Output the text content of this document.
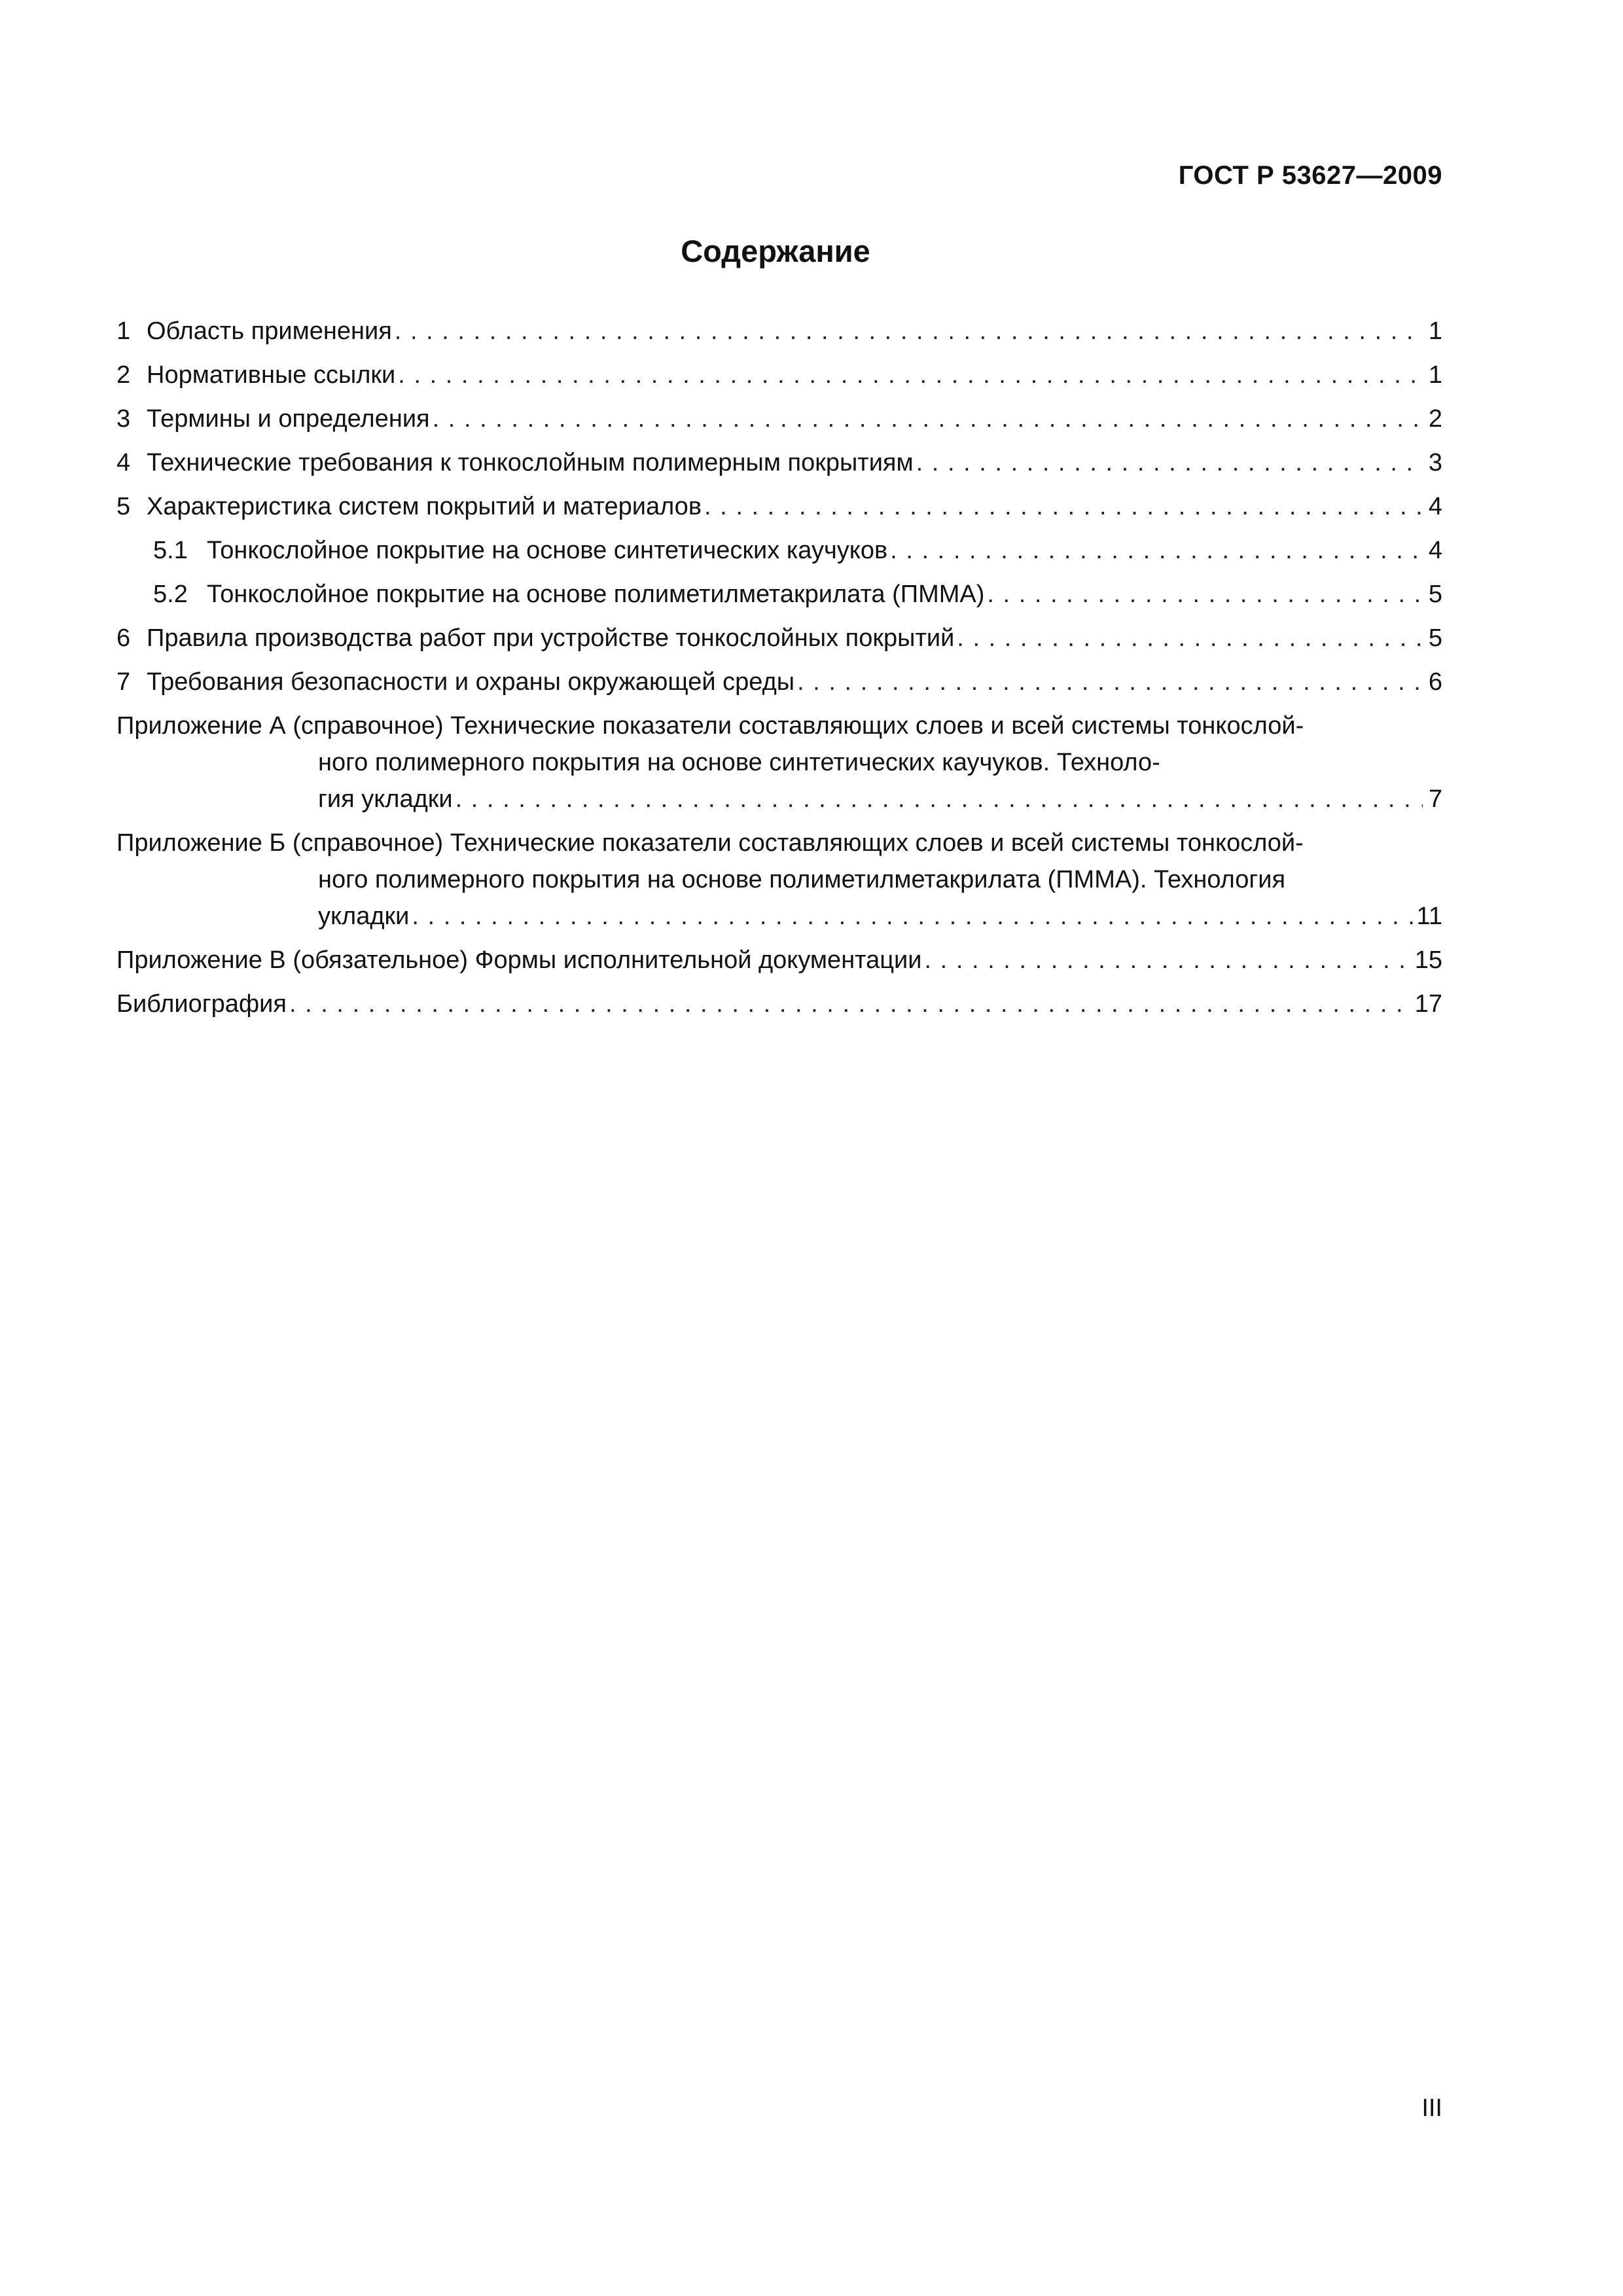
ГОСТ Р 53627—2009
Содержание
1 Область применения .....	1
2 Нормативные ссылки .....	1
3 Термины и определения .....	2
4 Технические требования к тонкослойным полимерным покрытиям .....	3
5 Характеристика систем покрытий и материалов .....	4
5.1 Тонкослойное покрытие на основе синтетических каучуков .....	4
5.2 Тонкослойное покрытие на основе полиметилметакрилата (ПММА) .....	5
6 Правила производства работ при устройстве тонкослойных покрытий .....	5
7 Требования безопасности и охраны окружающей среды .....	6
Приложение А (справочное) Технические показатели составляющих слоев и всей системы тонкослой-
ного полимерного покрытия на основе синтетических каучуков. Техноло-
гия укладки .....	7
Приложение Б (справочное) Технические показатели составляющих слоев и всей системы тонкослой-
ного полимерного покрытия на основе полиметилметакрилата (ПММА). Технология
укладки .....	11
Приложение В (обязательное) Формы исполнительной документации .....	15
Библиография .....	17
III
